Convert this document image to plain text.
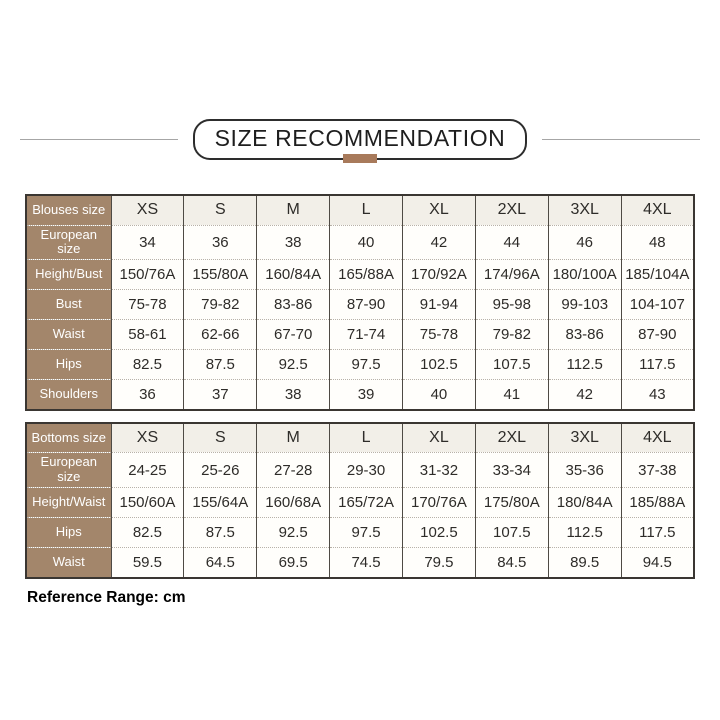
SIZE RECOMMENDATION
Blouses size	XS	S	M	L	XL	2XL	3XL	4XL
European size	34	36	38	40	42	44	46	48
Height/Bust	150/76A	155/80A	160/84A	165/88A	170/92A	174/96A	180/100A	185/104A
Bust	75-78	79-82	83-86	87-90	91-94	95-98	99-103	104-107
Waist	58-61	62-66	67-70	71-74	75-78	79-82	83-86	87-90
Hips	82.5	87.5	92.5	97.5	102.5	107.5	112.5	117.5
Shoulders	36	37	38	39	40	41	42	43
Bottoms size	XS	S	M	L	XL	2XL	3XL	4XL
European size	24-25	25-26	27-28	29-30	31-32	33-34	35-36	37-38
Height/Waist	150/60A	155/64A	160/68A	165/72A	170/76A	175/80A	180/84A	185/88A
Hips	82.5	87.5	92.5	97.5	102.5	107.5	112.5	117.5
Waist	59.5	64.5	69.5	74.5	79.5	84.5	89.5	94.5
Reference Range: cm
